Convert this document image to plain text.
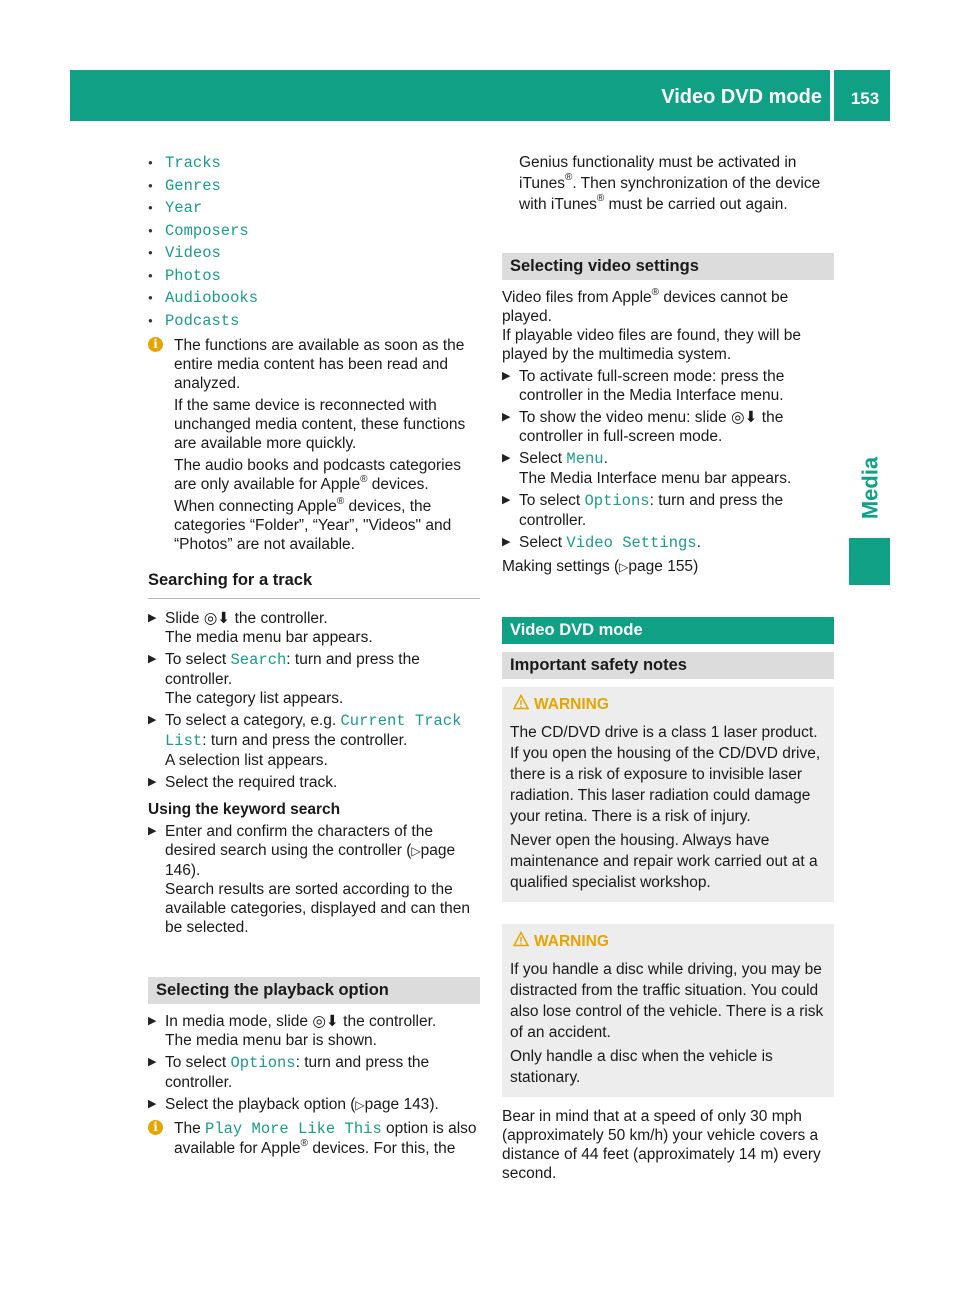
Video DVD mode	153
Media
● Tracks
● Genres
● Year
● Composers
● Videos
● Photos
● Audiobooks
● Podcasts
i	The functions are available as soon as the entire media content has been read and analyzed.

If the same device is reconnected with unchanged media content, these functions are available more quickly.

The audio books and podcasts categories are only available for Apple® devices.

When connecting Apple® devices, the categories “Folder”, “Year”, "Videos" and “Photos” are not available.

Searching for a track
▶ Slide ◎⬇ the controller.
The media menu bar appears.
▶ To select Search: turn and press the controller.
The category list appears.
▶ To select a category, e.g. Current Track List: turn and press the controller.
A selection list appears.
▶ Select the required track.
Using the keyword search
▶ Enter and confirm the characters of the desired search using the controller (▷page 146).
Search results are sorted according to the available categories, displayed and can then be selected.
Selecting the playback option
▶ In media mode, slide ◎⬇ the controller.
The media menu bar is shown.
▶ To select Options: turn and press the controller.
▶ Select the playback option (▷page 143).
i	The Play More Like This option is also available for Apple® devices. For this, the

Genius functionality must be activated in iTunes®. Then synchronization of the device with iTunes® must be carried out again.
Selecting video settings

Video files from Apple® devices cannot be played.

If playable video files are found, they will be played by the multimedia system.

▶ To activate full-screen mode: press the controller in the Media Interface menu.
▶ To show the video menu: slide ◎⬇ the controller in full-screen mode.
▶ Select Menu.
The Media Interface menu bar appears.
▶ To select Options: turn and press the controller.
▶ Select Video Settings.

Making settings (▷page 155)

Video DVD mode
Important safety notes
WARNING

The CD/DVD drive is a class 1 laser product. If you open the housing of the CD/DVD drive, there is a risk of exposure to invisible laser radiation. This laser radiation could damage your retina. There is a risk of injury.

Never open the housing. Always have maintenance and repair work carried out at a qualified specialist workshop.

WARNING

If you handle a disc while driving, you may be distracted from the traffic situation. You could also lose control of the vehicle. There is a risk of an accident.

Only handle a disc when the vehicle is stationary.

Bear in mind that at a speed of only 30 mph (approximately 50 km/h) your vehicle covers a distance of 44 feet (approximately 14 m) every second.
